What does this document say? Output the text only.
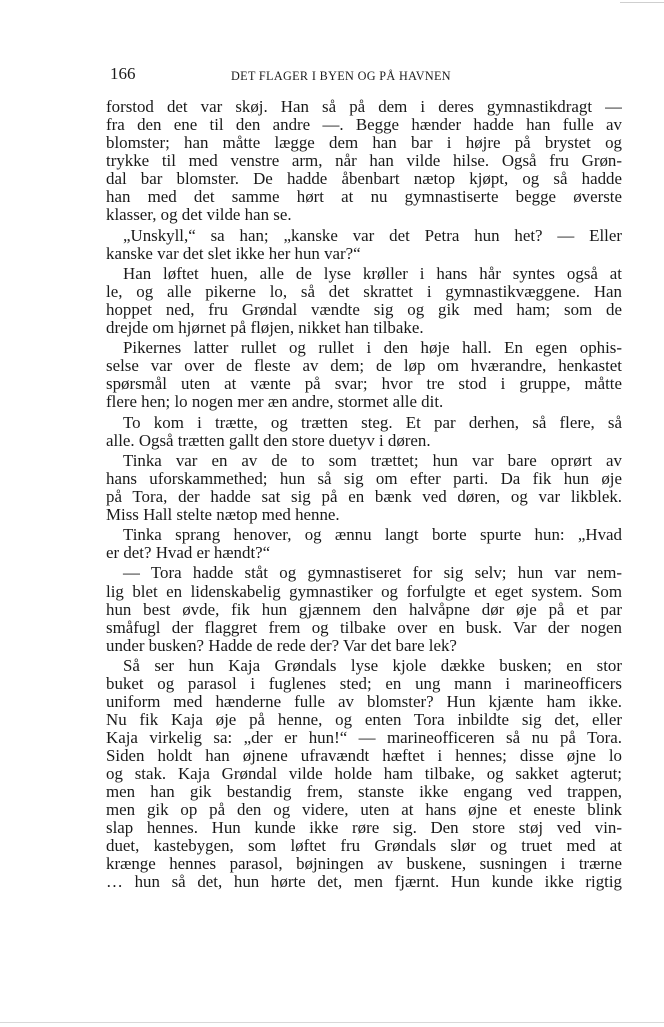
166	DET FLAGER I BYEN OG PÅ HAVNEN
forstod det var skøj. Han så på dem i deres gymnastikdragt —
fra den ene til den andre —. Begge hænder hadde han fulle av
blomster; han måtte lægge dem han bar i højre på brystet og
trykke til med venstre arm, når han vilde hilse. Også fru Grøn-
dal bar blomster. De hadde åbenbart nætop kjøpt, og så hadde
han med det samme hørt at nu gymnastiserte begge øverste
klasser, og det vilde han se.
„Unskyll,“ sa han; „kanske var det Petra hun het? — Eller
kanske var det slet ikke her hun var?“
Han løftet huen, alle de lyse krøller i hans hår syntes også at
le, og alle pikerne lo, så det skrattet i gymnastikvæggene. Han
hoppet ned, fru Grøndal vændte sig og gik med ham; som de
drejde om hjørnet på fløjen, nikket han tilbake.
Pikernes latter rullet og rullet i den høje hall. En egen ophis-
selse var over de fleste av dem; de løp om hværandre, henkastet
spørsmål uten at vænte på svar; hvor tre stod i gruppe, måtte
flere hen; lo nogen mer æn andre, stormet alle dit.
To kom i trætte, og trætten steg. Et par derhen, så flere, så
alle. Også trætten gallt den store duetyv i døren.
Tinka var en av de to som trættet; hun var bare oprørt av
hans uforskammethed; hun så sig om efter parti. Da fik hun øje
på Tora, der hadde sat sig på en bænk ved døren, og var likblek.
Miss Hall stelte nætop med henne.
Tinka sprang henover, og ænnu langt borte spurte hun: „Hvad
er det? Hvad er hændt?“
— Tora hadde ståt og gymnastiseret for sig selv; hun var nem-
lig blet en lidenskabelig gymnastiker og forfulgte et eget system. Som
hun best øvde, fik hun gjænnem den halvåpne dør øje på et par
småfugl der flaggret frem og tilbake over en busk. Var der nogen
under busken? Hadde de rede der? Var det bare lek?
Så ser hun Kaja Grøndals lyse kjole dække busken; en stor
buket og parasol i fuglenes sted; en ung mann i marineofficers
uniform med hænderne fulle av blomster? Hun kjænte ham ikke.
Nu fik Kaja øje på henne, og enten Tora inbildte sig det, eller
Kaja virkelig sa: „der er hun!“ — marineofficeren så nu på Tora.
Siden holdt han øjnene ufravændt hæftet i hennes; disse øjne lo
og stak. Kaja Grøndal vilde holde ham tilbake, og sakket agterut;
men han gik bestandig frem, stanste ikke engang ved trappen,
men gik op på den og videre, uten at hans øjne et eneste blink
slap hennes. Hun kunde ikke røre sig. Den store støj ved vin-
duet, kastebygen, som løftet fru Grøndals slør og truet med at
krænge hennes parasol, bøjningen av buskene, susningen i trærne
… hun så det, hun hørte det, men fjærnt. Hun kunde ikke rigtig
